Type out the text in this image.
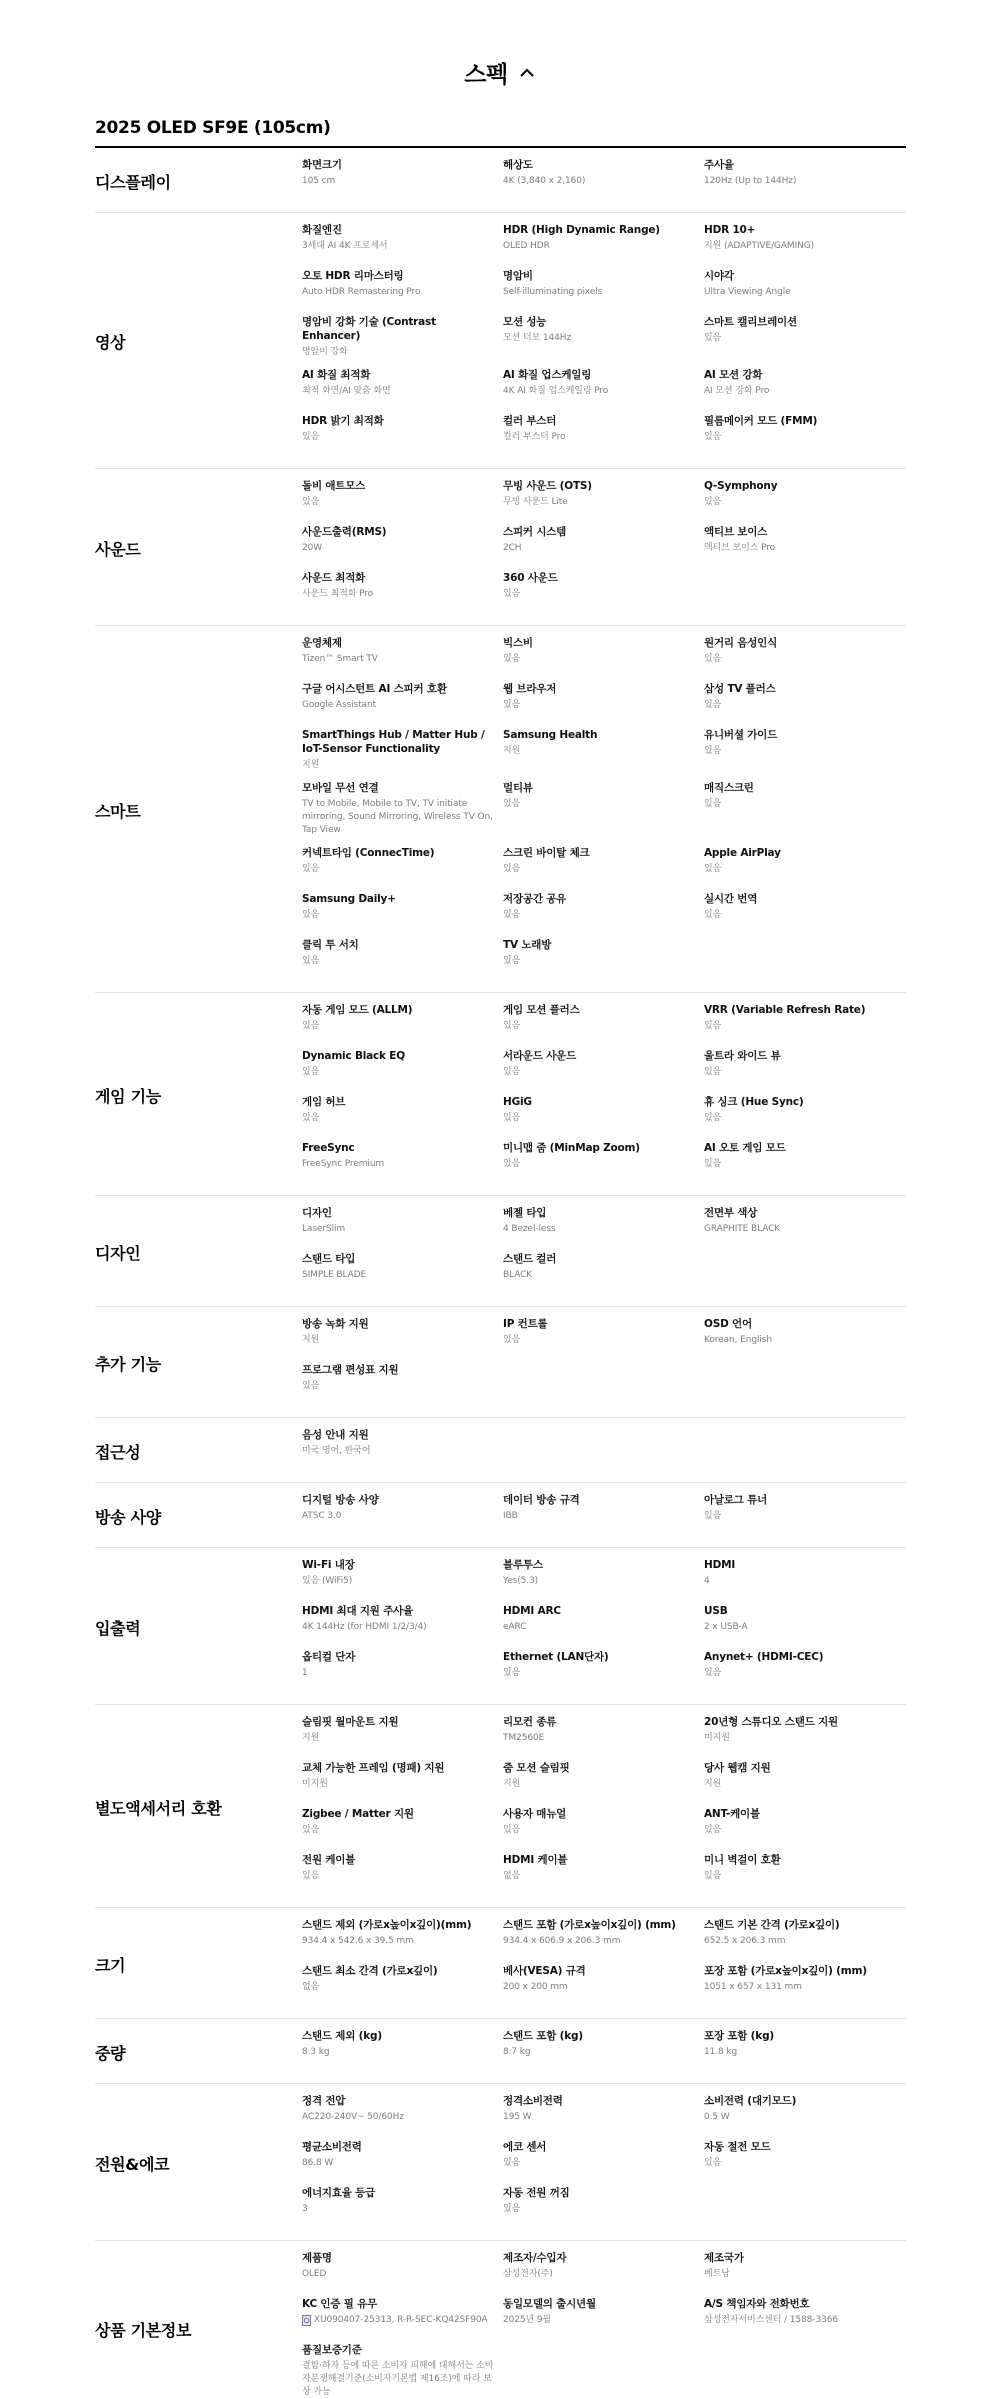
스펙
2025 OLED SF9E (105cm)
디스플레이
화면크기
105 cm
해상도
4K (3,840 x 2,160)
주사율
120Hz (Up to 144Hz)
영상
화질엔진
3세대 AI 4K 프로세서
HDR (High Dynamic Range)
OLED HDR
HDR 10+
지원 (ADAPTIVE/GAMING)
오토 HDR 리마스터링
Auto HDR Remastering Pro
명암비
Self-illuminating pixels
시야각
Ultra Viewing Angle
명암비 강화 기술 (Contrast Enhancer)
명암비 강화
모션 성능
모션 터보 144Hz
스마트 캘리브레이션
있음
AI 화질 최적화
최적 화면/AI 맞춤 화면
AI 화질 업스케일링
4K AI 화질 업스케일링 Pro
AI 모션 강화
AI 모션 강화 Pro
HDR 밝기 최적화
있음
컬러 부스터
컬러 부스터 Pro
필름메이커 모드 (FMM)
있음
사운드
돌비 애트모스
있음
무빙 사운드 (OTS)
무빙 사운드 Lite
Q-Symphony
있음
사운드출력(RMS)
20W
스피커 시스템
2CH
액티브 보이스
액티브 보이스 Pro
사운드 최적화
사운드 최적화 Pro
360 사운드
있음
스마트
운영체제
Tizen™ Smart TV
빅스비
있음
원거리 음성인식
있음
구글 어시스턴트 AI 스피커 호환
Google Assistant
웹 브라우저
있음
삼성 TV 플러스
있음
SmartThings Hub / Matter Hub / IoT-Sensor Functionality
지원
Samsung Health
지원
유니버셜 가이드
있음
모바일 무선 연결
TV to Mobile, Mobile to TV, TV initiate mirroring, Sound Mirroring, Wireless TV On, Tap View
멀티뷰
있음
매직스크린
있음
커넥트타임 (ConnecTime)
있음
스크린 바이탈 체크
있음
Apple AirPlay
있음
Samsung Daily+
있음
저장공간 공유
있음
실시간 번역
있음
클릭 투 서치
있음
TV 노래방
있음
게임 기능
자동 게임 모드 (ALLM)
있음
게임 모션 플러스
있음
VRR (Variable Refresh Rate)
있음
Dynamic Black EQ
있음
서라운드 사운드
있음
울트라 와이드 뷰
있음
게임 허브
있음
HGiG
있음
휴 싱크 (Hue Sync)
있음
FreeSync
FreeSync Premium
미니맵 줌 (MinMap Zoom)
있음
AI 오토 게임 모드
있음
디자인
디자인
LaserSlim
베젤 타입
4 Bezel-less
전면부 색상
GRAPHITE BLACK
스탠드 타입
SIMPLE BLADE
스탠드 컬러
BLACK
추가 기능
방송 녹화 지원
지원
IP 컨트롤
있음
OSD 언어
Korean, English
프로그램 편성표 지원
있음
접근성
음성 안내 지원
미국 영어, 한국어
방송 사양
디지털 방송 사양
ATSC 3.0
데이터 방송 규격
IBB
아날로그 튜너
있음
입출력
Wi-Fi 내장
있음 (WiFi5)
블루투스
Yes(5.3)
HDMI
4
HDMI 최대 지원 주사율
4K 144Hz (for HDMI 1/2/3/4)
HDMI ARC
eARC
USB
2 x USB-A
옵티컬 단자
1
Ethernet (LAN단자)
있음
Anynet+ (HDMI-CEC)
있음
별도액세서리 호환
슬림핏 월마운트 지원
지원
리모컨 종류
TM2560E
20년형 스튜디오 스탠드 지원
미지원
교체 가능한 프레임 (명패) 지원
미지원
줌 모션 슬림핏
지원
당사 웹캠 지원
지원
Zigbee / Matter 지원
있음
사용자 매뉴얼
있음
ANT-케이블
있음
전원 케이블
있음
HDMI 케이블
없음
미니 벽걸이 호환
있음
크기
스탠드 제외 (가로x높이x깊이)(mm)
934.4 x 542.6 x 39.5 mm
스탠드 포함 (가로x높이x깊이) (mm)
934.4 x 606.9 x 206.3 mm
스탠드 기본 간격 (가로x깊이)
652.5 x 206.3 mm
스탠드 최소 간격 (가로x깊이)
없음
베사(VESA) 규격
200 x 200 mm
포장 포함 (가로x높이x깊이) (mm)
1051 x 657 x 131 mm
중량
스탠드 제외 (kg)
8.3 kg
스탠드 포함 (kg)
8.7 kg
포장 포함 (kg)
11.8 kg
전원&에코
정격 전압
AC220-240V~ 50/60Hz
정격소비전력
195 W
소비전력 (대기모드)
0.5 W
평균소비전력
86.8 W
에코 센서
있음
자동 절전 모드
있음
에너지효율 등급
3
자동 전원 꺼짐
있음
상품 기본정보
제품명
OLED
제조자/수입자
삼성전자(주)
제조국가
베트남
KC 인증 필 유무
XU090407-25313, R-R-SEC-KQ42SF90A
동일모델의 출시년월
2025년 9월
A/S 책임자와 전화번호
삼성전자서비스센터 / 1588-3366
품질보증기준
결함·하자 등에 따른 소비자 피해에 대해서는 소비자분쟁해결기준(소비자기본법 제16조)에 따라 보상 가능
